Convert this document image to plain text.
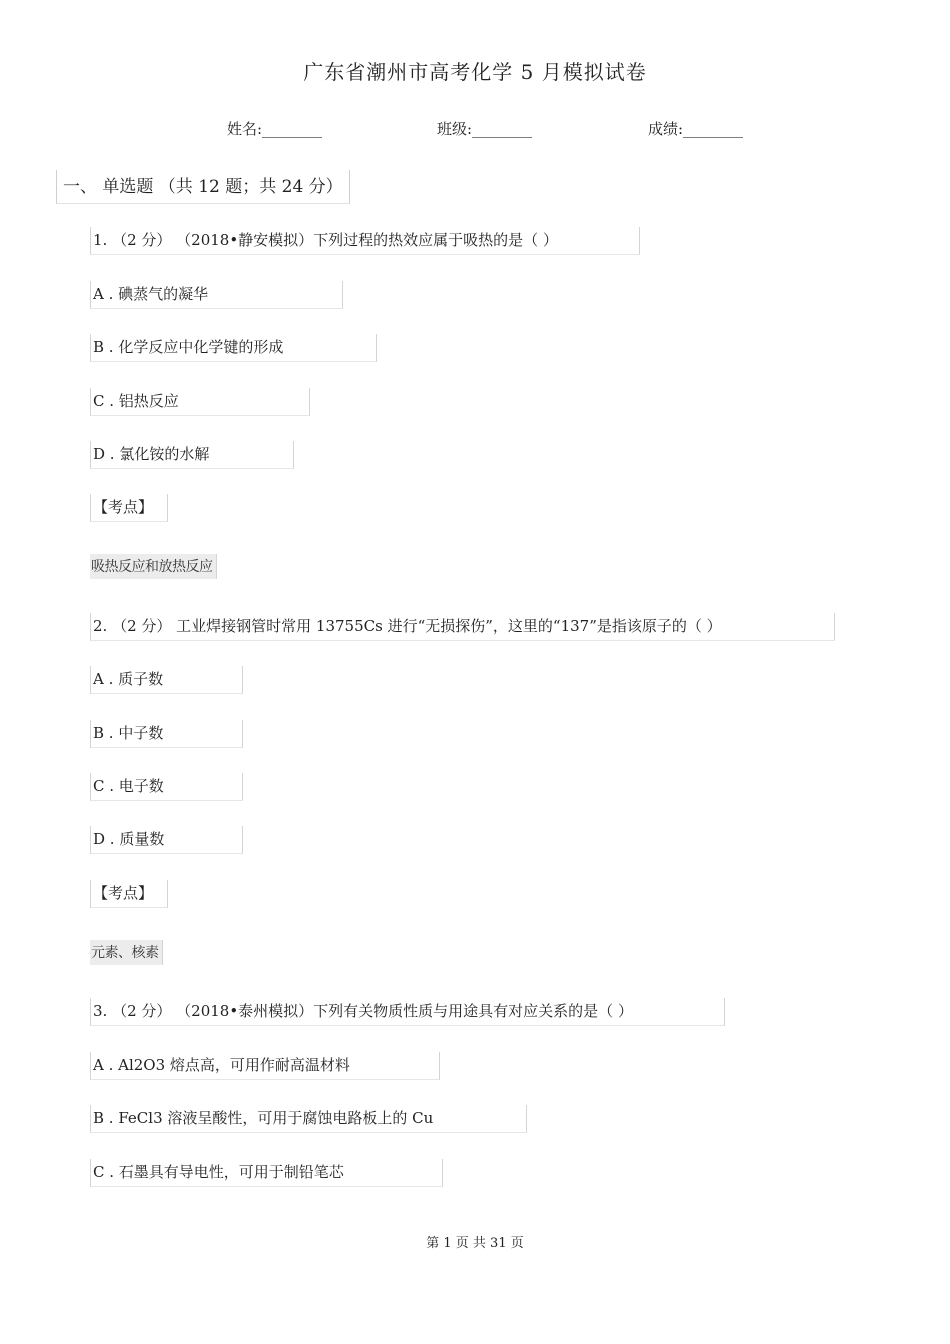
广东省潮州市高考化学 5 月模拟试卷
姓名:________	班级:________	成绩:________
一、 单选题 （共 12 题；共 24 分）
1. （2 分） （2018•静安模拟）下列过程的热效应属于吸热的是（ ）
A . 碘蒸气的凝华
B . 化学反应中化学键的形成
C . 铝热反应
D . 氯化铵的水解
【考点】
吸热反应和放热反应
2. （2 分） 工业焊接钢管时常用 13755Cs 进行“无损探伤”，这里的“137”是指该原子的（ ）
A . 质子数
B . 中子数
C . 电子数
D . 质量数
【考点】
元素、核素
3. （2 分） （2018•泰州模拟）下列有关物质性质与用途具有对应关系的是（ ）
A . Al2O3 熔点高，可用作耐高温材料
B . FeCl3 溶液呈酸性，可用于腐蚀电路板上的 Cu
C . 石墨具有导电性，可用于制铅笔芯
第 1 页 共 31 页
